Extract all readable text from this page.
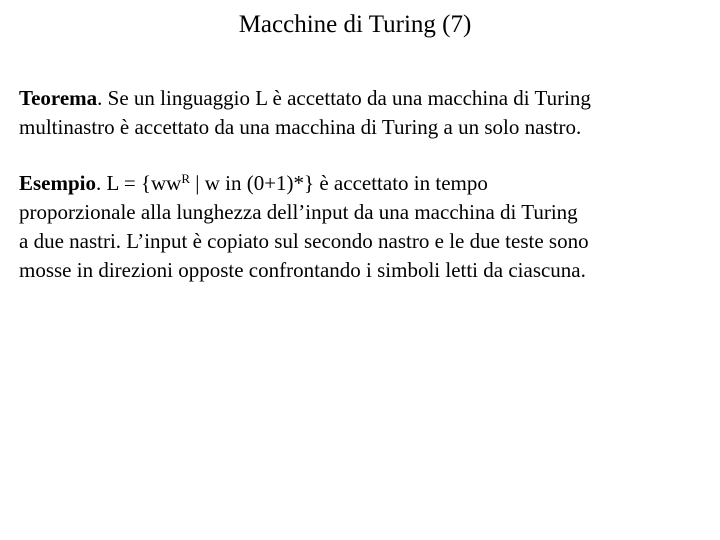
Macchine di Turing (7)

Teorema. Se un linguaggio L è accettato da una macchina di Turing
multinastro è accettato da una macchina di Turing a un solo nastro.

Esempio. $L = \{ww^R$ | w in (0+1)*} è accettato in tempo
proporzionale alla lunghezza dell’input da una macchina di Turing
a due nastri. L’input è copiato sul secondo nastro e le due teste sono
mosse in direzioni opposte confrontando i simboli letti da ciascuna.
